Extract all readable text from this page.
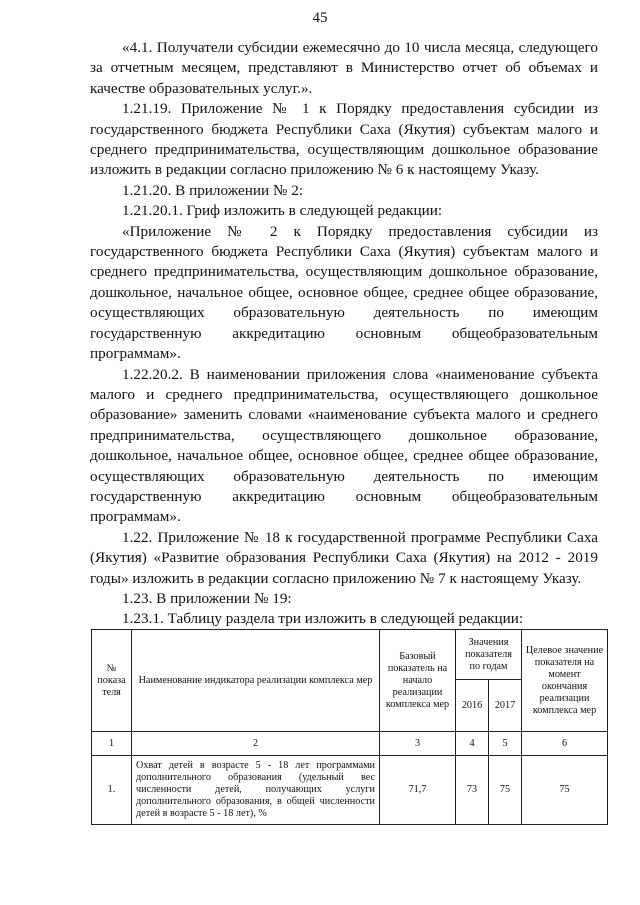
45

«4.1. Получатели субсидии ежемесячно до 10 числа месяца, следующего за отчетным месяцем, представляют в Министерство отчет об объемах и качестве образовательных услуг.».

1.21.19. Приложение № 1 к Порядку предоставления субсидии из государственного бюджета Республики Саха (Якутия) субъектам малого и среднего предпринимательства, осуществляющим дошкольное образование изложить в редакции согласно приложению № 6 к настоящему Указу.

1.21.20. В приложении № 2:

1.21.20.1. Гриф изложить в следующей редакции:

«Приложение № 2 к Порядку предоставления субсидии из государственного бюджета Республики Саха (Якутия) субъектам малого и среднего предпринимательства, осуществляющим дошкольное образование, дошкольное, начальное общее, основное общее, среднее общее образование, осуществляющих образовательную деятельность по имеющим государственную аккредитацию основным общеобразовательным программам».

1.22.20.2. В наименовании приложения слова «наименование субъекта малого и среднего предпринимательства, осуществляющего дошкольное образование» заменить словами «наименование субъекта малого и среднего предпринимательства, осуществляющего дошкольное образование, дошкольное, начальное общее, основное общее, среднее общее образование, осуществляющих образовательную деятельность по имеющим государственную аккредитацию основным общеобразовательным программам».

1.22. Приложение № 18 к государственной программе Республики Саха (Якутия) «Развитие образования Республики Саха (Якутия) на 2012 - 2019 годы» изложить в редакции согласно приложению № 7 к настоящему Указу.

1.23. В приложении № 19:

1.23.1. Таблицу раздела три изложить в следующей редакции:

№ показа теля	Наименование индикатора реализации комплекса мер	Базовый показатель на начало реализации комплекса мер	Значения показателя по годам		Целевое значение показателя на момент окончания реализации комплекса мер
			2016	2017	
1	2	3	4	5	6
1.	Охват детей в возрасте 5 - 18 лет программами дополнительного образования (удельный вес численности детей, получающих услуги дополнительного образования, в общей численности детей в возрасте 5 - 18 лет), %	71,7	73	75	75
